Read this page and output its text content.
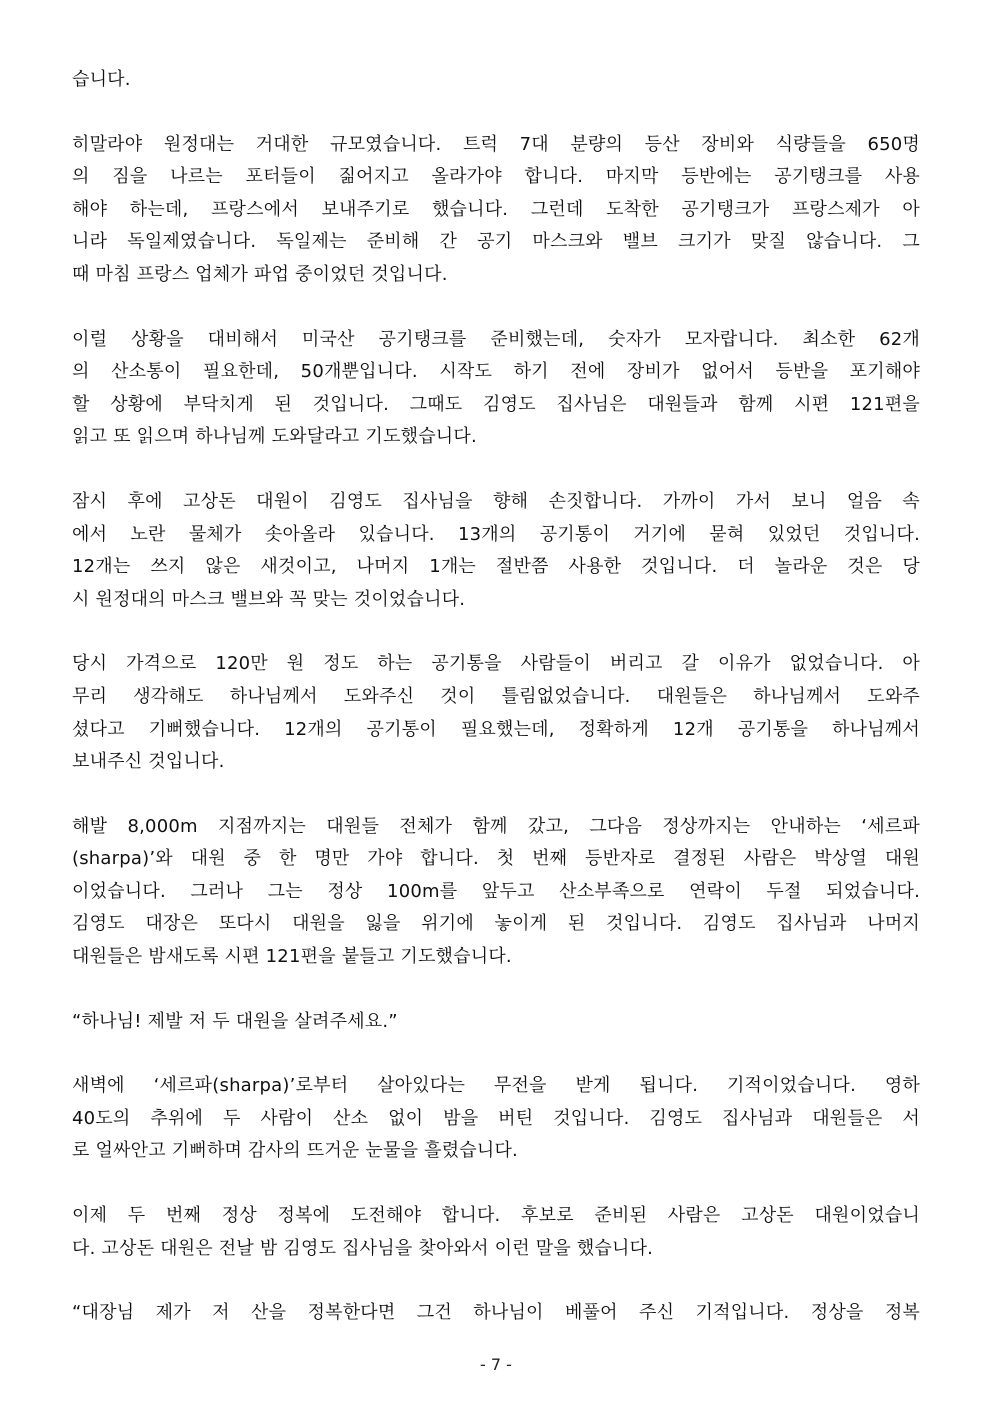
습니다.
히말라야 원정대는 거대한 규모였습니다. 트럭 7대 분량의 등산 장비와 식량들을 650명
의 짐을 나르는 포터들이 짊어지고 올라가야 합니다. 마지막 등반에는 공기탱크를 사용
해야 하는데, 프랑스에서 보내주기로 했습니다. 그런데 도착한 공기탱크가 프랑스제가 아
니라 독일제였습니다. 독일제는 준비해 간 공기 마스크와 밸브 크기가 맞질 않습니다. 그
때 마침 프랑스 업체가 파업 중이었던 것입니다.
이럴 상황을 대비해서 미국산 공기탱크를 준비했는데, 숫자가 모자랍니다. 최소한 62개
의 산소통이 필요한데, 50개뿐입니다. 시작도 하기 전에 장비가 없어서 등반을 포기해야
할 상황에 부닥치게 된 것입니다. 그때도 김영도 집사님은 대원들과 함께 시편 121편을
읽고 또 읽으며 하나님께 도와달라고 기도했습니다.
잠시 후에 고상돈 대원이 김영도 집사님을 향해 손짓합니다. 가까이 가서 보니 얼음 속
에서 노란 물체가 솟아올라 있습니다. 13개의 공기통이 거기에 묻혀 있었던 것입니다.
12개는 쓰지 않은 새것이고, 나머지 1개는 절반쯤 사용한 것입니다. 더 놀라운 것은 당
시 원정대의 마스크 밸브와 꼭 맞는 것이었습니다.
당시 가격으로 120만 원 정도 하는 공기통을 사람들이 버리고 갈 이유가 없었습니다. 아
무리 생각해도 하나님께서 도와주신 것이 틀림없었습니다. 대원들은 하나님께서 도와주
셨다고 기뻐했습니다. 12개의 공기통이 필요했는데, 정확하게 12개 공기통을 하나님께서
보내주신 것입니다.
해발 8,000m 지점까지는 대원들 전체가 함께 갔고, 그다음 정상까지는 안내하는 ‘세르파
(sharpa)’와 대원 중 한 명만 가야 합니다. 첫 번째 등반자로 결정된 사람은 박상열 대원
이었습니다. 그러나 그는 정상 100m를 앞두고 산소부족으로 연락이 두절 되었습니다.
김영도 대장은 또다시 대원을 잃을 위기에 놓이게 된 것입니다. 김영도 집사님과 나머지
대원들은 밤새도록 시편 121편을 붙들고 기도했습니다.
“하나님! 제발 저 두 대원을 살려주세요.”
새벽에 ‘세르파(sharpa)’로부터 살아있다는 무전을 받게 됩니다. 기적이었습니다. 영하
40도의 추위에 두 사람이 산소 없이 밤을 버틴 것입니다. 김영도 집사님과 대원들은 서
로 얼싸안고 기뻐하며 감사의 뜨거운 눈물을 흘렸습니다.
이제 두 번째 정상 정복에 도전해야 합니다. 후보로 준비된 사람은 고상돈 대원이었습니
다. 고상돈 대원은 전날 밤 김영도 집사님을 찾아와서 이런 말을 했습니다.
“대장님 제가 저 산을 정복한다면 그건 하나님이 베풀어 주신 기적입니다. 정상을 정복
- 7 -
